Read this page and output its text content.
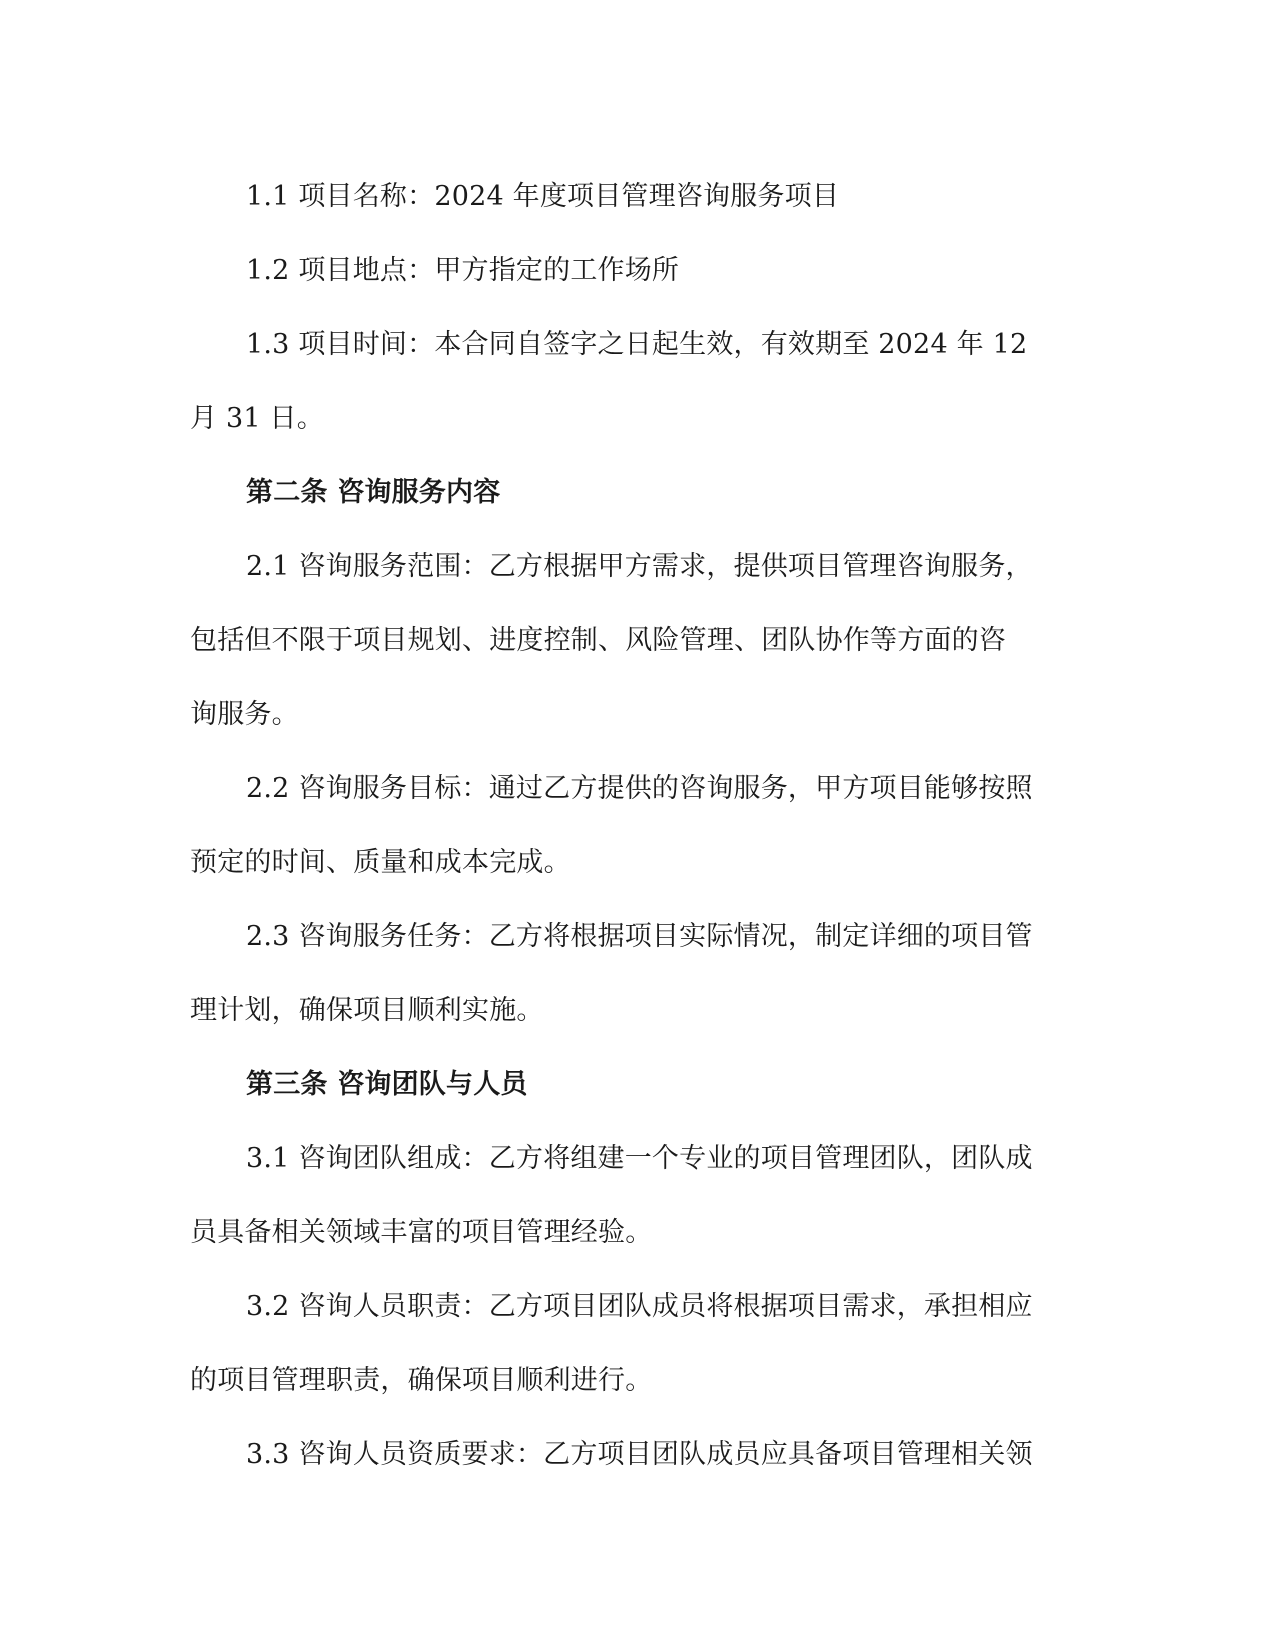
1.1 项目名称：2024 年度项目管理咨询服务项目
1.2 项目地点：甲方指定的工作场所
1.3 项目时间：本合同自签字之日起生效，有效期至 2024 年 12
月 31 日。
第二条 咨询服务内容
2.1 咨询服务范围：乙方根据甲方需求，提供项目管理咨询服务，
包括但不限于项目规划、进度控制、风险管理、团队协作等方面的咨
询服务。
2.2 咨询服务目标：通过乙方提供的咨询服务，甲方项目能够按照
预定的时间、质量和成本完成。
2.3 咨询服务任务：乙方将根据项目实际情况，制定详细的项目管
理计划，确保项目顺利实施。
第三条 咨询团队与人员
3.1 咨询团队组成：乙方将组建一个专业的项目管理团队，团队成
员具备相关领域丰富的项目管理经验。
3.2 咨询人员职责：乙方项目团队成员将根据项目需求，承担相应
的项目管理职责，确保项目顺利进行。
3.3 咨询人员资质要求：乙方项目团队成员应具备项目管理相关领
